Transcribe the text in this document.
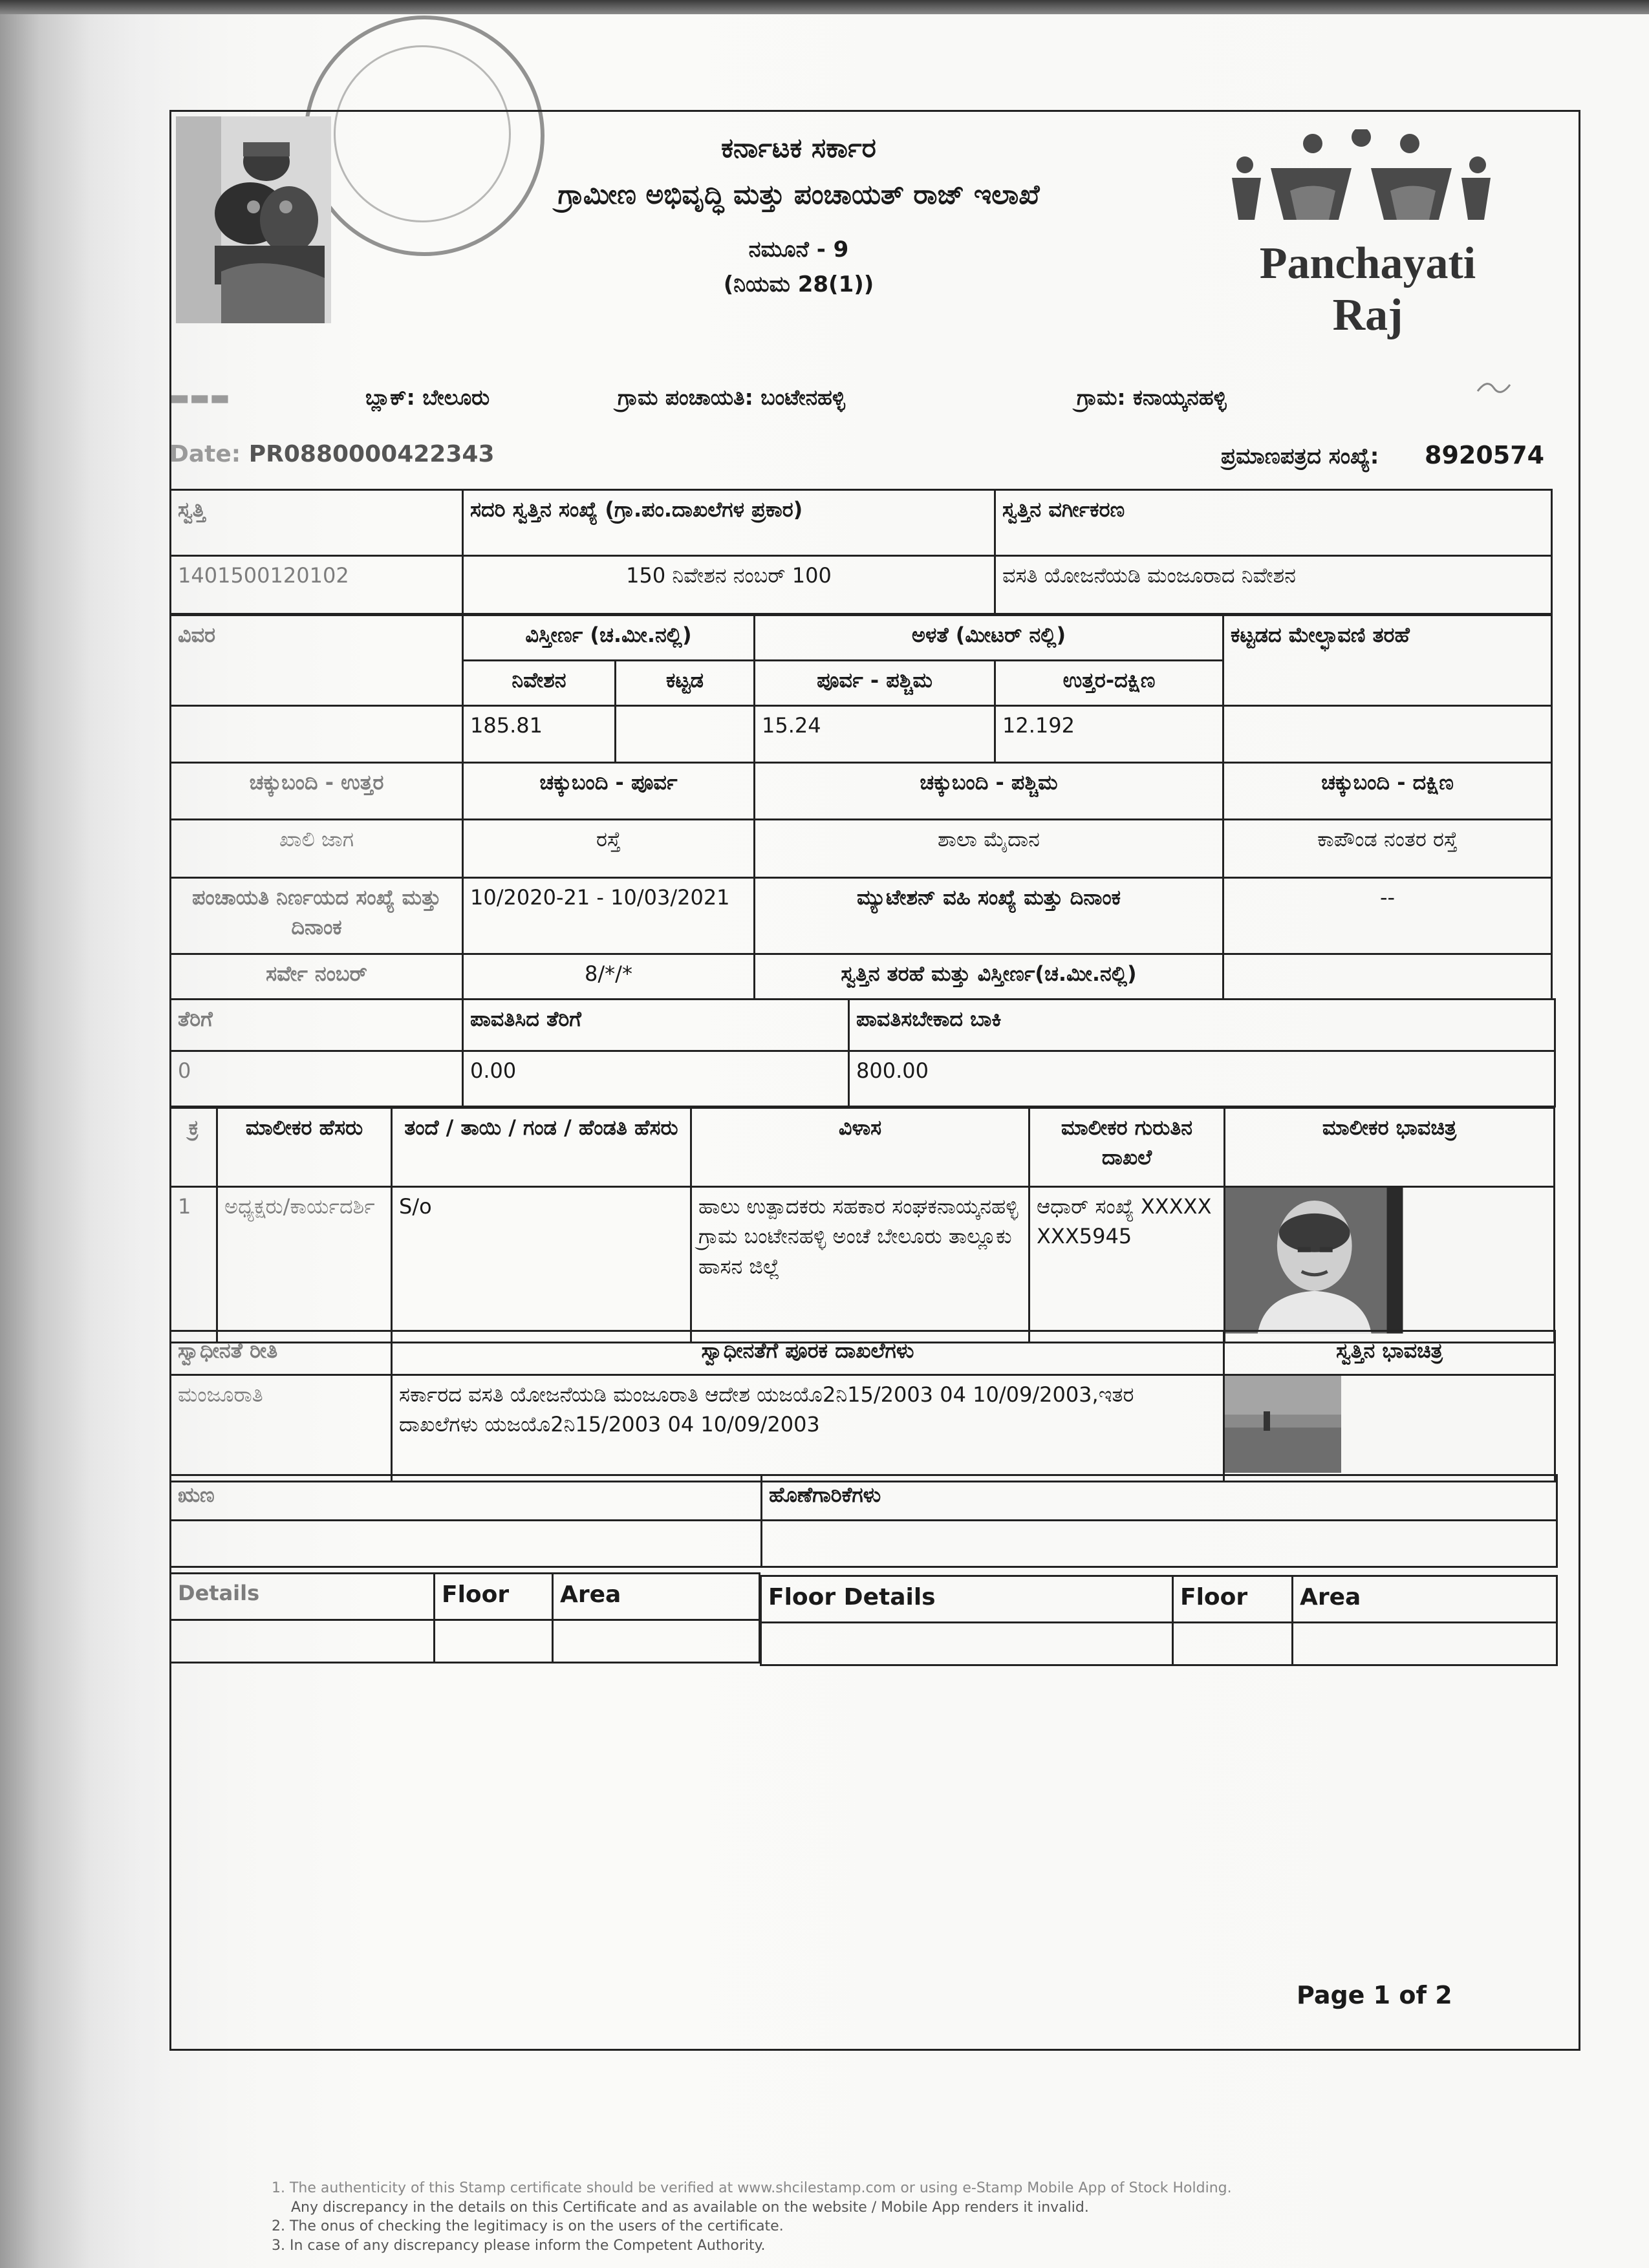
ಕರ್ನಾಟಕ ಸರ್ಕಾರ
ಗ್ರಾಮೀಣ ಅಭಿವೃದ್ಧಿ ಮತ್ತು ಪಂಚಾಯತ್ ರಾಜ್ ಇಲಾಖೆ
ನಮೂನೆ - 9
(ನಿಯಮ 28(1))	Panchayati Raj
▬▬▬	ಬ್ಲಾಕ್: ಬೇಲೂರು	ಗ್ರಾಮ ಪಂಚಾಯತಿ: ಬಂಟೇನಹಳ್ಳಿ	ಗ್ರಾಮ: ಕನಾಯ್ಕನಹಳ್ಳಿ
Date: PR0880000422343	ಪ್ರಮಾಣಪತ್ರದ ಸಂಖ್ಯೆ: 8920574
ಸ್ವತ್ತಿ	ಸದರಿ ಸ್ವತ್ತಿನ ಸಂಖ್ಯೆ (ಗ್ರಾ.ಪಂ.ದಾಖಲೆಗಳ ಪ್ರಕಾರ)	ಸ್ವತ್ತಿನ ವರ್ಗೀಕರಣ
1401500120102	150 ನಿವೇಶನ ನಂಬರ್ 100	ವಸತಿ ಯೋಜನೆಯಡಿ ಮಂಜೂರಾದ ನಿವೇಶನ
ವಿವರ	ವಿಸ್ತೀರ್ಣ (ಚ.ಮೀ.ನಲ್ಲಿ)		ಅಳತೆ (ಮೀಟರ್ ನಲ್ಲಿ)		ಕಟ್ಟಡದ ಮೇಲ್ಛಾವಣಿ ತರಹೆ
	ನಿವೇಶನ	ಕಟ್ಟಡ	ಪೂರ್ವ - ಪಶ್ಚಿಮ	ಉತ್ತರ-ದಕ್ಷಿಣ	
	185.81		15.24	12.192	
ಚಕ್ಕುಬಂದಿ - ಉತ್ತರ	ಚಕ್ಕುಬಂದಿ - ಪೂರ್ವ	ಚಕ್ಕುಬಂದಿ - ಪಶ್ಚಿಮ	ಚಕ್ಕುಬಂದಿ - ದಕ್ಷಿಣ
ಖಾಲಿ ಜಾಗ	ರಸ್ತೆ	ಶಾಲಾ ಮೈದಾನ	ಕಾಪೌಂಡ ನಂತರ ರಸ್ತೆ
ಪಂಚಾಯತಿ ನಿರ್ಣಯದ ಸಂಖ್ಯೆ ಮತ್ತು ದಿನಾಂಕ	10/2020-21 - 10/03/2021	ಮ್ಯುಟೇಶನ್ ವಹಿ ಸಂಖ್ಯೆ ಮತ್ತು ದಿನಾಂಕ	--
ಸರ್ವೇ ನಂಬರ್	8/*/*	ಸ್ವತ್ತಿನ ತರಹೆ ಮತ್ತು ವಿಸ್ತೀರ್ಣ(ಚ.ಮೀ.ನಲ್ಲಿ)	
ತೆರಿಗೆ	ಪಾವತಿಸಿದ ತೆರಿಗೆ	ಪಾವತಿಸಬೇಕಾದ ಬಾಕಿ
0	0.00	800.00
ಕ್ರ	ಮಾಲೀಕರ ಹೆಸರು	ತಂದೆ / ತಾಯಿ / ಗಂಡ / ಹೆಂಡತಿ ಹೆಸರು	ವಿಳಾಸ	ಮಾಲೀಕರ ಗುರುತಿನ ದಾಖಲೆ	ಮಾಲೀಕರ ಭಾವಚಿತ್ರ
1	ಅಧ್ಯಕ್ಷರು/ಕಾರ್ಯದರ್ಶಿ	S/o	ಹಾಲು ಉತ್ಪಾದಕರು ಸಹಕಾರ ಸಂಘಕನಾಯ್ಕನಹಳ್ಳಿ ಗ್ರಾಮ ಬಂಟೇನಹಳ್ಳಿ ಅಂಚೆ ಬೇಲೂರು ತಾಲ್ಲೂಕು ಹಾಸನ ಜಿಲ್ಲೆ	ಆಧಾರ್ ಸಂಖ್ಯೆ XXXXXXXX5945	
ಸ್ವಾಧೀನತೆ ರೀತಿ	ಸ್ವಾಧೀನತೆಗೆ ಪೂರಕ ದಾಖಲೆಗಳು	ಸ್ವತ್ತಿನ ಭಾವಚಿತ್ರ
ಮಂಜೂರಾತಿ	ಸರ್ಕಾರದ ವಸತಿ ಯೋಜನೆಯಡಿ ಮಂಜೂರಾತಿ ಆದೇಶ ಯಜಯೊ2ನಿ15/2003 04 10/09/2003,ಇತರ ದಾಖಲೆಗಳು ಯಜಯೊ2ನಿ15/2003 04 10/09/2003	
ಋಣ	ಹೊಣೆಗಾರಿಕೆಗಳು

Details	Floor	Area
			Floor Details	Floor	Area

Page 1 of 2
1. The authenticity of this Stamp certificate should be verified at www.shcilestamp.com or using e-Stamp Mobile App of Stock Holding.
Any discrepancy in the details on this Certificate and as available on the website / Mobile App renders it invalid.
2. The onus of checking the legitimacy is on the users of the certificate.
3. In case of any discrepancy please inform the Competent Authority.
